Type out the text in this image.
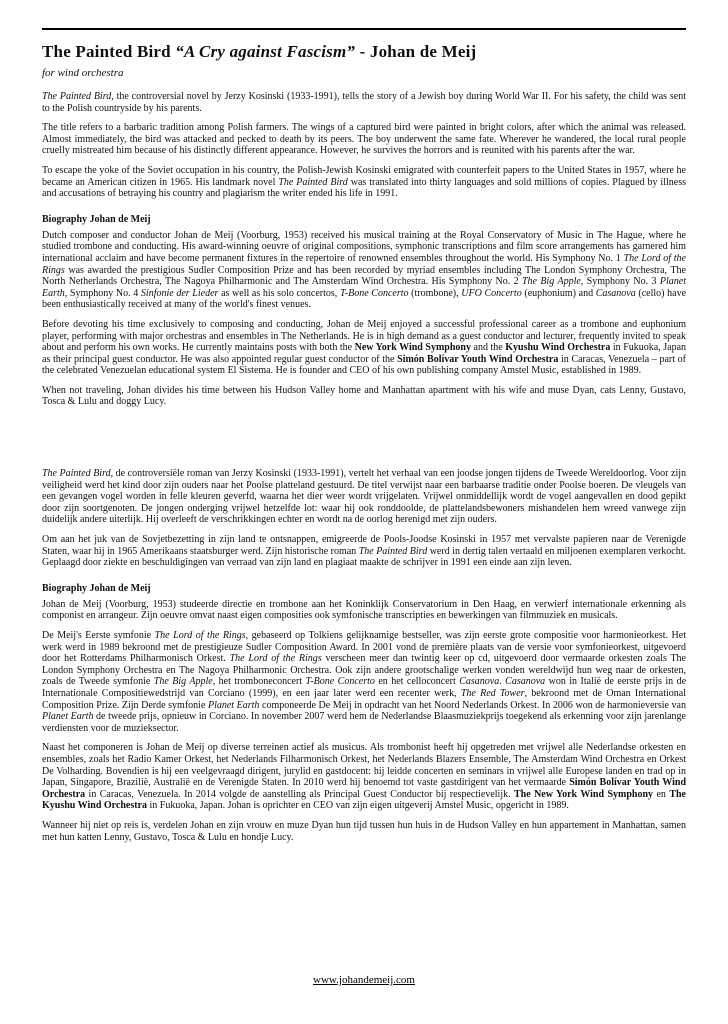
The Painted Bird “A Cry against Fascism” - Johan de Meij
for wind orchestra

The Painted Bird, the controversial novel by Jerzy Kosinski (1933-1991), tells the story of a Jewish boy during World War II. For his safety, the child was sent to the Polish countryside by his parents.

The title refers to a barbaric tradition among Polish farmers. The wings of a captured bird were painted in bright colors, after which the animal was released. Almost immediately, the bird was attacked and pecked to death by its peers. The boy underwent the same fate. Wherever he wandered, the local rural people cruelly mistreated him because of his distinctly different appearance. However, he survives the horrors and is reunited with his parents after the war.

To escape the yoke of the Soviet occupation in his country, the Polish-Jewish Kosinski emigrated with counterfeit papers to the United States in 1957, where he became an American citizen in 1965. His landmark novel The Painted Bird was translated into thirty languages and sold millions of copies. Plagued by illness and accusations of betraying his country and plagiarism the writer ended his life in 1991.

Biography Johan de Meij

Dutch composer and conductor Johan de Meij (Voorburg, 1953) received his musical training at the Royal Conservatory of Music in The Hague, where he studied trombone and conducting. His award-winning oeuvre of original compositions, symphonic transcriptions and film score arrangements has garnered him international acclaim and have become permanent fixtures in the repertoire of renowned ensembles throughout the world. His Symphony No. 1 The Lord of the Rings was awarded the prestigious Sudler Composition Prize and has been recorded by myriad ensembles including The London Symphony Orchestra, The North Netherlands Orchestra, The Nagoya Philharmonic and The Amsterdam Wind Orchestra. His Symphony No. 2 The Big Apple, Symphony No. 3 Planet Earth, Symphony No. 4 Sinfonie der Lieder as well as his solo concertos, T-Bone Concerto (trombone), UFO Concerto (euphonium) and Casanova (cello) have been enthusiastically received at many of the world's finest venues.

Before devoting his time exclusively to composing and conducting, Johan de Meij enjoyed a successful professional career as a trombone and euphonium player, performing with major orchestras and ensembles in The Netherlands. He is in high demand as a guest conductor and lecturer, frequently invited to speak about and perform his own works. He currently maintains posts with both the New York Wind Symphony and the Kyushu Wind Orchestra in Fukuoka, Japan as their principal guest conductor. He was also appointed regular guest conductor of the Simón Bolívar Youth Wind Orchestra in Caracas, Venezuela – part of the celebrated Venezuelan educational system El Sistema. He is founder and CEO of his own publishing company Amstel Music, established in 1989.

When not traveling, Johan divides his time between his Hudson Valley home and Manhattan apartment with his wife and muse Dyan, cats Lenny, Gustavo, Tosca & Lulu and doggy Lucy.

The Painted Bird, de controversiële roman van Jerzy Kosinski (1933-1991), vertelt het verhaal van een joodse jongen tijdens de Tweede Wereldoorlog. Voor zijn veiligheid werd het kind door zijn ouders naar het Poolse platteland gestuurd. De titel verwijst naar een barbaarse traditie onder Poolse boeren. De vleugels van een gevangen vogel worden in felle kleuren geverfd, waarna het dier weer wordt vrijgelaten. Vrijwel onmiddellijk wordt de vogel aangevallen en dood gepikt door zijn soortgenoten. De jongen onderging vrijwel hetzelfde lot: waar hij ook ronddoolde, de plattelandsbewoners mishandelen hem wreed vanwege zijn duidelijk andere uiterlijk. Hij overleeft de verschrikkingen echter en wordt na de oorlog herenigd met zijn ouders.

Om aan het juk van de Sovjetbezetting in zijn land te ontsnappen, emigreerde de Pools-Joodse Kosinski in 1957 met vervalste papieren naar de Verenigde Staten, waar hij in 1965 Amerikaans staatsburger werd. Zijn historische roman The Painted Bird werd in dertig talen vertaald en miljoenen exemplaren verkocht. Geplaagd door ziekte en beschuldigingen van verraad van zijn land en plagiaat maakte de schrijver in 1991 een einde aan zijn leven.

Biography Johan de Meij

Johan de Meij (Voorburg, 1953) studeerde directie en trombone aan het Koninklijk Conservatorium in Den Haag, en verwierf internationale erkenning als componist en arrangeur. Zijn oeuvre omvat naast eigen composities ook symfonische transcripties en bewerkingen van filmmuziek en musicals.

De Meij's Eerste symfonie The Lord of the Rings, gebaseerd op Tolkiens gelijknamige bestseller, was zijn eerste grote compositie voor harmonieorkest. Het werk werd in 1989 bekroond met de prestigieuze Sudler Composition Award. In 2001 vond de première plaats van de versie voor symfonieorkest, uitgevoerd door het Rotterdams Philharmonisch Orkest. The Lord of the Rings verscheen meer dan twintig keer op cd, uitgevoerd door vermaarde orkesten zoals The London Symphony Orchestra en The Nagoya Philharmonic Orchestra. Ook zijn andere grootschalige werken vonden wereldwijd hun weg naar de orkesten, zoals de Tweede symfonie The Big Apple, het tromboneconcert T-Bone Concerto en het celloconcert Casanova. Casanova won in Italië de eerste prijs in de Internationale Compositiewedstrijd van Corciano (1999), en een jaar later werd een recenter werk, The Red Tower, bekroond met de Oman International Composition Prize. Zijn Derde symfonie Planet Earth componeerde De Meij in opdracht van het Noord Nederlands Orkest. In 2006 won de harmonieversie van Planet Earth de tweede prijs, opnieuw in Corciano. In november 2007 werd hem de Nederlandse Blaasmuziekprijs toegekend als erkenning voor zijn jarenlange verdiensten voor de muzieksector.

Naast het componeren is Johan de Meij op diverse terreinen actief als musicus. Als trombonist heeft hij opgetreden met vrijwel alle Nederlandse orkesten en ensembles, zoals het Radio Kamer Orkest, het Nederlands Filharmonisch Orkest, het Nederlands Blazers Ensemble, The Amsterdam Wind Orchestra en Orkest De Volharding. Bovendien is hij een veelgevraagd dirigent, jurylid en gastdocent: hij leidde concerten en seminars in vrijwel alle Europese landen en trad op in Japan, Singapore, Brazilië, Australië en de Verenigde Staten. In 2010 werd hij benoemd tot vaste gastdirigent van het vermaarde Simón Bolívar Youth Wind Orchestra in Caracas, Venezuela. In 2014 volgde de aanstelling als Principal Guest Conductor bij respectievelijk. The New York Wind Symphony en The Kyushu Wind Orchestra in Fukuoka, Japan. Johan is oprichter en CEO van zijn eigen uitgeverij Amstel Music, opgericht in 1989.

Wanneer hij niet op reis is, verdelen Johan en zijn vrouw en muze Dyan hun tijd tussen hun huis in de Hudson Valley en hun appartement in Manhattan, samen met hun katten Lenny, Gustavo, Tosca & Lulu en hondje Lucy.

www.johandemeij.com
